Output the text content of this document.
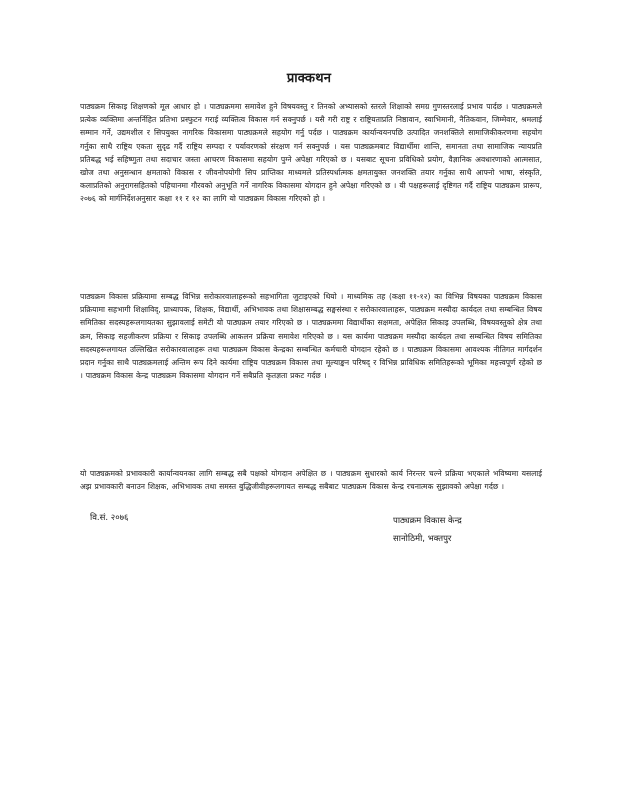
प्राक्कथन

पाठ्यक्रम सिकाइ शिक्षणको मूल आधार हो । पाठ्यक्रममा समावेश हुने विषयवस्तु र तिनको अभ्यासको स्तरले शिक्षाको समग्र गुणस्तरलाई प्रभाव पार्दछ । पाठ्यक्रमले प्रत्येक व्यक्तिमा अन्तर्निहित प्रतिभा प्रस्फुटन गराई व्यक्तित्व विकास गर्न सक्नुपर्छ । यसै गरी राष्ट्र र राष्ट्रियताप्रति निष्ठावान, स्वाभिमानी, नैतिकवान, जिम्मेवार, श्रमलाई सम्मान गर्ने, उद्यमशील र सिपयुक्त नागरिक विकासमा पाठ्यक्रमले सहयोग गर्नु पर्दछ । पाठ्यक्रम कार्यान्वयनपछि उत्पादित जनशक्तिले सामाजिकीकरणमा सहयोग गर्नुका साथै राष्ट्रिय एकता सुदृढ गर्दै राष्ट्रिय सम्पदा र पर्यावरणको संरक्षण गर्न सक्नुपर्छ । यस पाठ्यक्रमबाट विद्यार्थीमा शान्ति, समानता तथा सामाजिक न्यायप्रति प्रतिबद्ध भई सहिष्णुता तथा सदाचार जस्ता आचरण विकासमा सहयोग पुग्ने अपेक्षा गरिएको छ । यसबाट सूचना प्रविधिको प्रयोग, वैज्ञानिक अवधारणाको आत्मसात, खोज तथा अनुसन्धान क्षमताको विकास र जीवनोपयोगी सिप प्राप्तिका माध्यमले प्रतिस्पर्धात्मक क्षमतायुक्त जनशक्ति तयार गर्नुका साथै आफ्नो भाषा, संस्कृति, कलाप्रतिको अनुरागसहितको पहिचानमा गौरवको अनुभूति गर्ने नागरिक विकासमा योगदान हुने अपेक्षा गरिएको छ । यी पक्षहरूलाई दृष्टिगत गर्दै राष्ट्रिय पाठ्यक्रम प्रारूप, २०७६ को मार्गनिर्देशअनुसार कक्षा ११ र १२ का लागि यो पाठ्यक्रम विकास गरिएको हो ।

पाठ्यक्रम विकास प्रक्रियामा सम्बद्ध विभिन्न सरोकारवालाहरूको सहभागिता जुटाइएको थियो । माध्यमिक तह (कक्षा ११-१२) का विभिन्न विषयका पाठ्यक्रम विकास प्रक्रियामा सहभागी शिक्षाविद्, प्राध्यापक, शिक्षक, विद्यार्थी, अभिभावक तथा शिक्षासम्बद्ध सङ्घसंस्था र सरोकारवालाहरू, पाठ्यक्रम मस्यौदा कार्यदल तथा सम्बन्धित विषय समितिका सदस्यहरूलगायतका सुझावलाई समेटी यो पाठ्यक्रम तयार गरिएको छ । पाठ्यक्रममा विद्यार्थीका सक्षमता, अपेक्षित सिकाइ उपलब्धि, विषयवस्तुको क्षेत्र तथा क्रम, सिकाइ सहजीकरण प्रक्रिया र सिकाइ उपलब्धि आकलन प्रक्रिया समावेश गरिएको छ । यस कार्यमा पाठ्यक्रम मस्यौदा कार्यदल तथा सम्बन्धित विषय समितिका सदस्यहरूलगायत उल्लिखित सरोकारवालाहरू तथा पाठ्यक्रम विकास केन्द्रका सम्बन्धित कर्मचारी योगदान रहेको छ । पाठ्यक्रम विकासमा आवश्यक नीतिगत मार्गदर्शन प्रदान गर्नुका साथै पाठ्यक्रमलाई अन्तिम रूप दिने कार्यमा राष्ट्रिय पाठ्यक्रम विकास तथा मूल्याङ्कन परिषद् र विभिन्न प्राविधिक समितिहरूको भूमिका महत्त्वपूर्ण रहेको छ । पाठ्यक्रम विकास केन्द्र पाठ्यक्रम विकासमा योगदान गर्ने सबैप्रति कृतज्ञता प्रकट गर्दछ ।

यो पाठ्यक्रमको प्रभावकारी कार्यान्वयनका लागि सम्बद्ध सबै पक्षको योगदान अपेक्षित छ । पाठ्यक्रम सुधारको कार्य निरन्तर चल्ने प्रक्रिया भएकाले भविष्यमा यसलाई अझ प्रभावकारी बनाउन शिक्षक, अभिभावक तथा समस्त बुद्धिजीवीहरूलगायत सम्बद्ध सबैबाट पाठ्यक्रम विकास केन्द्र रचनात्मक सुझावको अपेक्षा गर्दछ ।

वि.सं. २०७६	पाठ्यक्रम विकास केन्द्र
सानोठिमी, भक्तपुर
